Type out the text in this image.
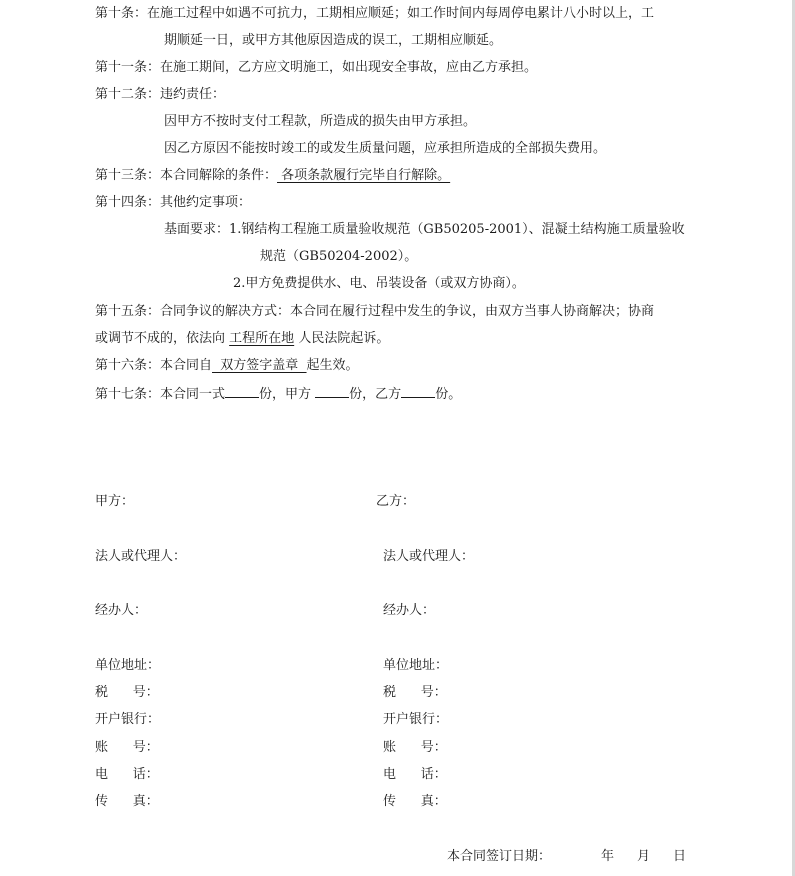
第十条：在施工过程中如遇不可抗力，工期相应顺延；如工作时间内每周停电累计八小时以上，工
期顺延一日，或甲方其他原因造成的误工，工期相应顺延。
第十一条：在施工期间，乙方应文明施工，如出现安全事故，应由乙方承担。
第十二条：违约责任：
因甲方不按时支付工程款，所造成的损失由甲方承担。
因乙方原因不能按时竣工的或发生质量问题，应承担所造成的全部损失费用。
第十三条：本合同解除的条件： 各项条款履行完毕自行解除。
第十四条：其他约定事项：
基面要求：1.钢结构工程施工质量验收规范（GB50205-2001）、混凝土结构施工质量验收
规范（GB50204-2002）。
2.甲方免费提供水、电、吊装设备（或双方协商）。
第十五条：合同争议的解决方式：本合同在履行过程中发生的争议，由双方当事人协商解决；协商
或调节不成的，依法向 工程所在地 人民法院起诉。
第十六条：本合同自  双方签字盖章  起生效。
第十七条：本合同一式	份，甲方	份，乙方	份。
甲方：
法人或代理人：
经办人：
单位地址：
税      号：
开户银行：
账      号：
电      话：
传      真：
乙方：
法人或代理人：
经办人：
单位地址：
税      号：
开户银行：
账      号：
电      话：
传      真：
本合同签订日期：	年 月 日
